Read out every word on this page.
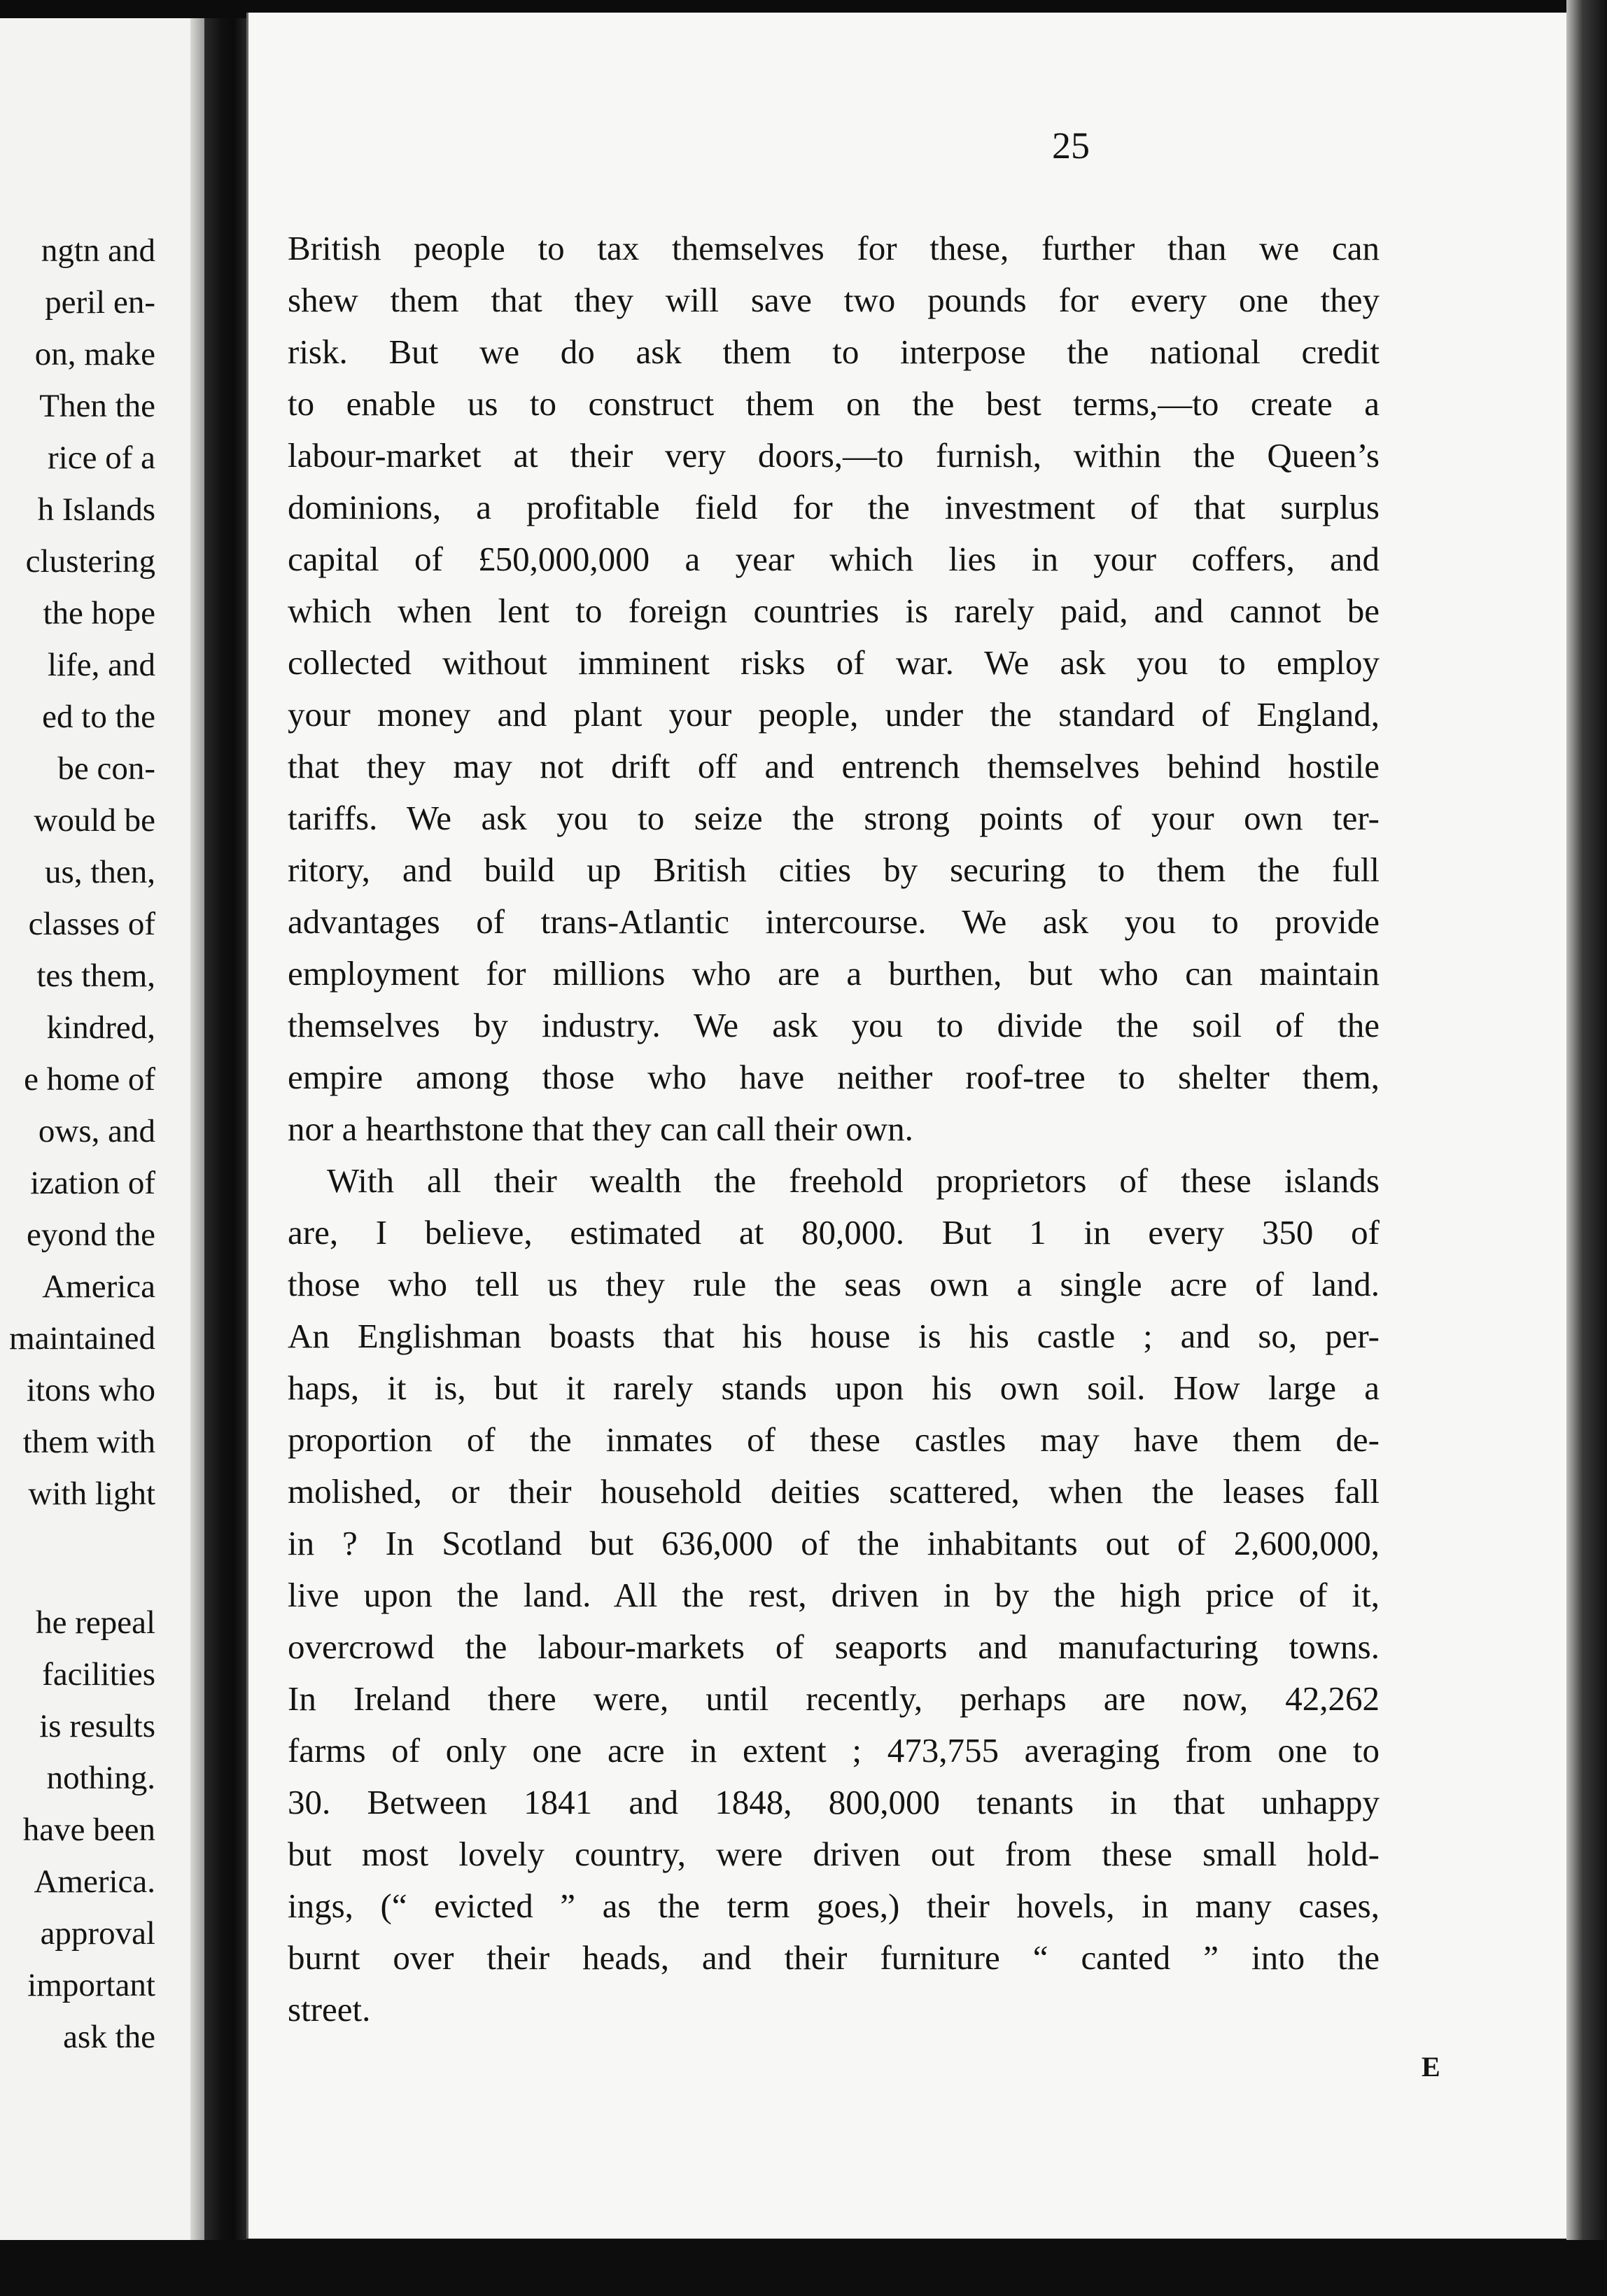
ngtn and
peril en-
on, make
Then the
rice of a
h Islands
clustering
the hope
life, and
ed to the
be con-
would be
us, then,
classes of
tes them,
kindred,
e home of
ows, and
ization of
eyond the
America
maintained
itons who
them with
with light
he repeal
facilities
is results
nothing.
have been
America.
approval
important
ask the
25
British people to tax themselves for these, further than we can
shew them that they will save two pounds for every one they
risk. But we do ask them to interpose the national credit
to enable us to construct them on the best terms,—to create a
labour-market at their very doors,—to furnish, within the Queen’s
dominions, a profitable field for the investment of that surplus
capital of £50,000,000 a year which lies in your coffers, and
which when lent to foreign countries is rarely paid, and cannot be
collected without imminent risks of war. We ask you to employ
your money and plant your people, under the standard of England,
that they may not drift off and entrench themselves behind hostile
tariffs. We ask you to seize the strong points of your own ter-
ritory, and build up British cities by securing to them the full
advantages of trans-Atlantic intercourse. We ask you to provide
employment for millions who are a burthen, but who can maintain
themselves by industry. We ask you to divide the soil of the
empire among those who have neither roof-tree to shelter them,
nor a hearthstone that they can call their own.
With all their wealth the freehold proprietors of these islands
are, I believe, estimated at 80,000. But 1 in every 350 of
those who tell us they rule the seas own a single acre of land.
An Englishman boasts that his house is his castle ; and so, per-
haps, it is, but it rarely stands upon his own soil. How large a
proportion of the inmates of these castles may have them de-
molished, or their household deities scattered, when the leases fall
in ? In Scotland but 636,000 of the inhabitants out of 2,600,000,
live upon the land. All the rest, driven in by the high price of it,
overcrowd the labour-markets of seaports and manufacturing towns.
In Ireland there were, until recently, perhaps are now, 42,262
farms of only one acre in extent ; 473,755 averaging from one to
30. Between 1841 and 1848, 800,000 tenants in that unhappy
but most lovely country, were driven out from these small hold-
ings, (“ evicted ” as the term goes,) their hovels, in many cases,
burnt over their heads, and their furniture “ canted ” into the
street.
E
